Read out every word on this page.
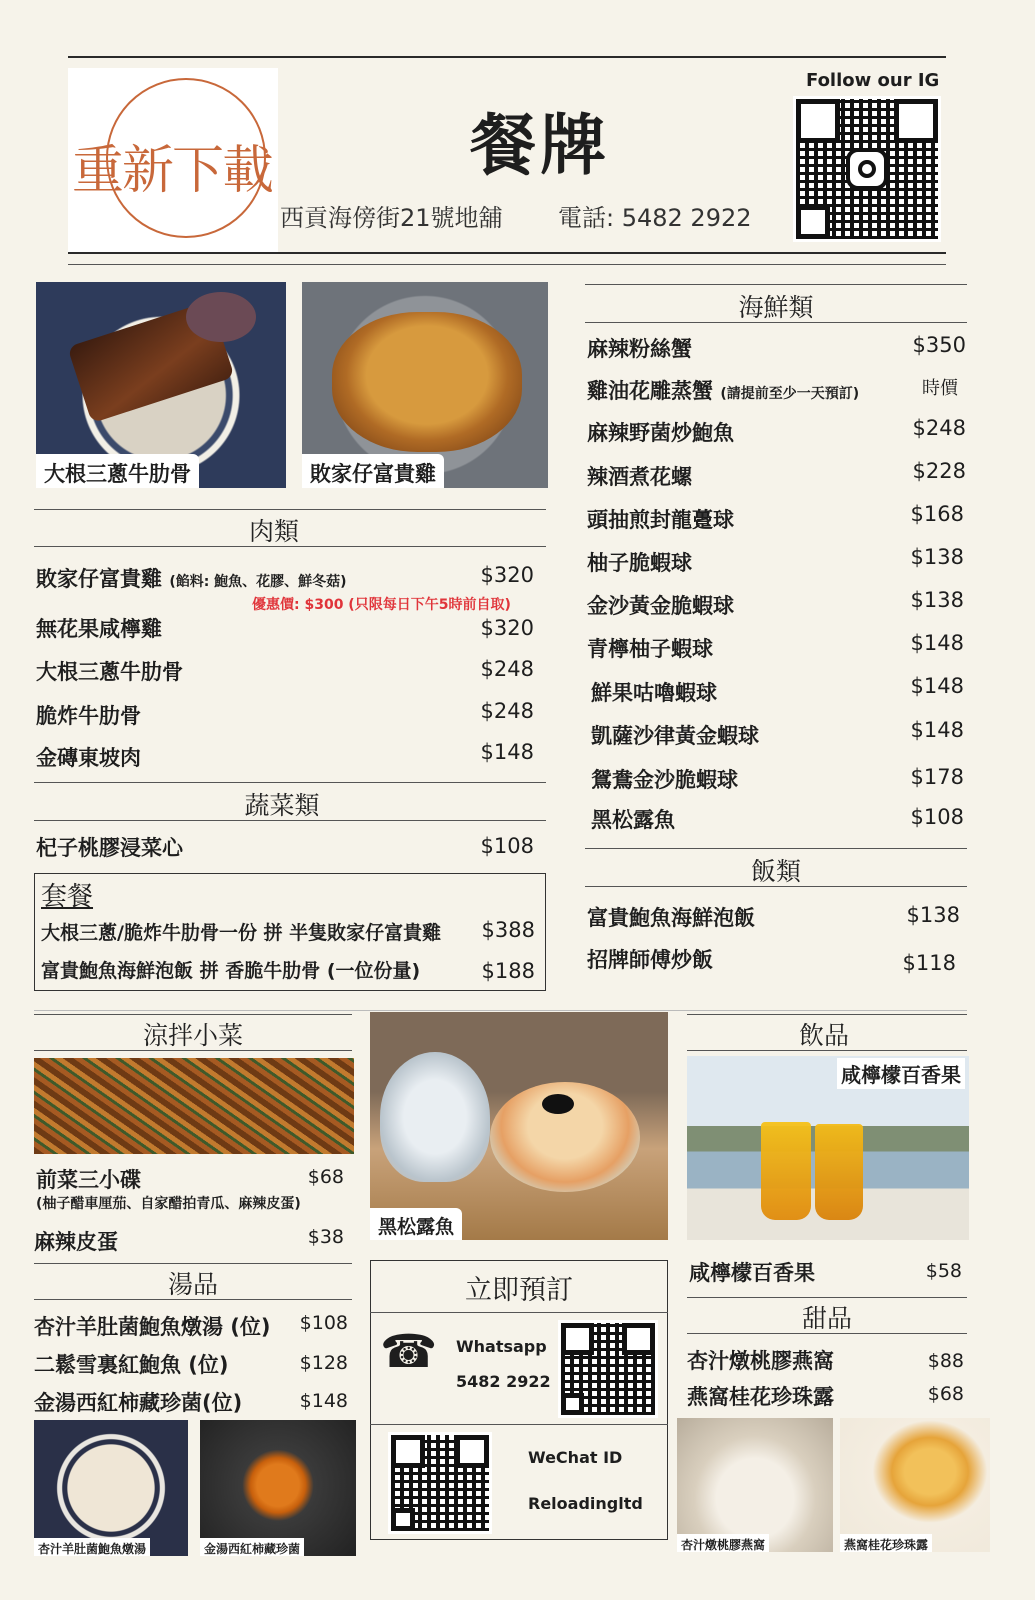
重新下載	餐牌
西貢海傍街21號地舖 電話: 5482 2922
Follow our IG
大根三蔥牛肋骨	敗家仔富貴雞
肉類
敗家仔富貴雞 (餡料: 鮑魚、花膠、鮮冬菇)	$320
優惠價: $300 (只限每日下午5時前自取)
無花果咸檸雞	$320
大根三蔥牛肋骨	$248
脆炸牛肋骨	$248
金磚東坡肉	$148
蔬菜類
杞子桃膠浸菜心	$108
套餐
大根三蔥/脆炸牛肋骨一份 拼 半隻敗家仔富貴雞	$388
富貴鮑魚海鮮泡飯 拼 香脆牛肋骨 (一位份量)	$188
海鮮類
麻辣粉絲蟹	$350
雞油花雕蒸蟹 (請提前至少一天預訂)	時價
麻辣野菌炒鮑魚	$248
辣酒煮花螺	$228
頭抽煎封龍躉球	$168
柚子脆蝦球	$138
金沙黃金脆蝦球	$138
青檸柚子蝦球	$148
鮮果咕嚕蝦球	$148
凱薩沙律黃金蝦球	$148
鴛鴦金沙脆蝦球	$178
黑松露魚	$108
飯類
富貴鮑魚海鮮泡飯	$138
招牌師傅炒飯	$118
涼拌小菜
前菜三小碟	$68
(柚子醋車厘茄、自家醋拍青瓜、麻辣皮蛋)
麻辣皮蛋	$38	黑松露魚
湯品
杏汁羊肚菌鮑魚燉湯 (位)	$108
二鬆雪裏紅鮑魚 (位)	$128
金湯西紅柿藏珍菌(位)	$148
杏汁羊肚菌鮑魚燉湯	金湯西紅柿藏珍菌
立即預訂
☎ Whatsapp
5482 2922
WeChat ID
Reloadingltd
飲品
咸檸檬百香果
咸檸檬百香果	$58
甜品
杏汁燉桃膠燕窩	$88
燕窩桂花珍珠露	$68
杏汁燉桃膠燕窩	燕窩桂花珍珠露
